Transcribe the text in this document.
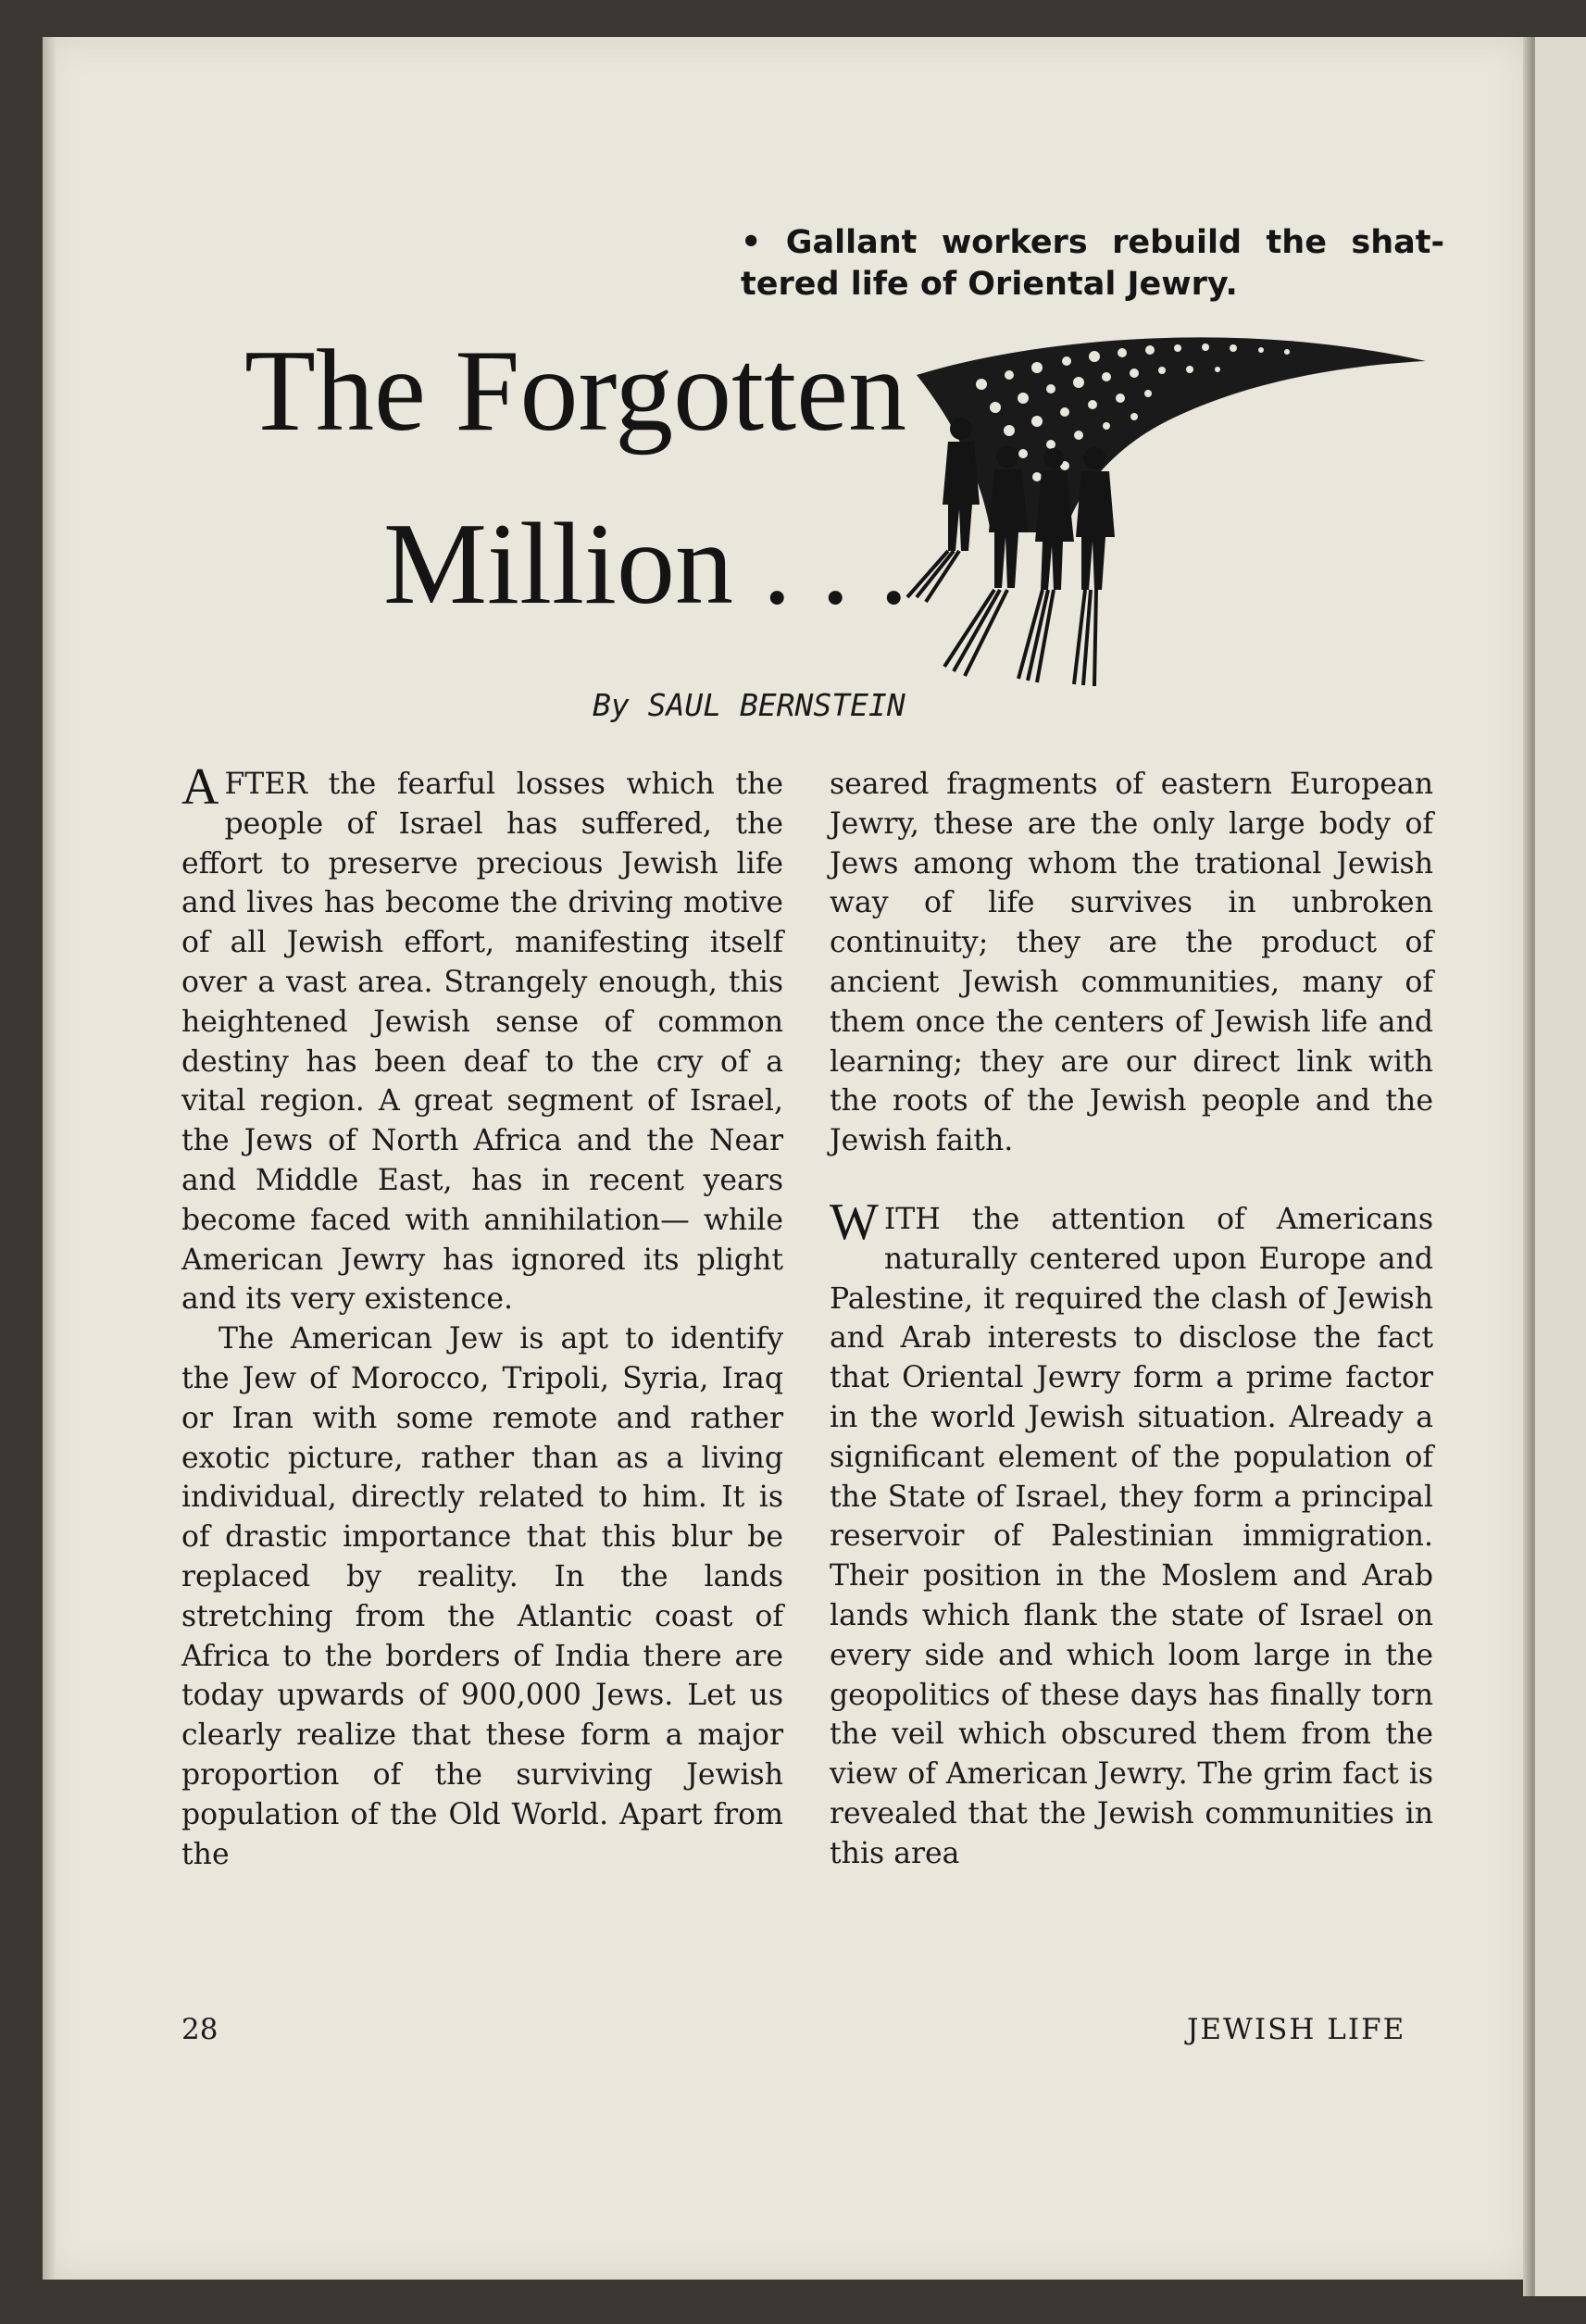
• Gallant workers rebuild the shattered life of Oriental Jewry.
The Forgotten
Million . . .
By SAUL BERNSTEIN

AFTER the fearful losses which the people of Israel has suffered, the effort to preserve precious Jewish life and lives has become the driving motive of all Jewish effort, manifesting itself over a vast area. Strangely enough, this heightened Jewish sense of common destiny has been deaf to the cry of a vital region. A great segment of Israel, the Jews of North Africa and the Near and Middle East, has in recent years become faced with annihilation— while American Jewry has ignored its plight and its very existence.

The American Jew is apt to identify the Jew of Morocco, Tripoli, Syria, Iraq or Iran with some remote and rather exotic picture, rather than as a living individual, directly related to him. It is of drastic importance that this blur be replaced by reality. In the lands stretching from the Atlantic coast of Africa to the borders of India there are today upwards of 900,000 Jews. Let us clearly realize that these form a major proportion of the surviving Jewish population of the Old World. Apart from the

seared fragments of eastern European Jewry, these are the only large body of Jews among whom the trational Jewish way of life survives in unbroken continuity; they are the product of ancient Jewish communities, many of them once the centers of Jewish life and learning; they are our direct link with the roots of the Jewish people and the Jewish faith.

WITH the attention of Americans naturally centered upon Europe and Palestine, it required the clash of Jewish and Arab interests to disclose the fact that Oriental Jewry form a prime factor in the world Jewish situation. Already a significant element of the population of the State of Israel, they form a principal reservoir of Palestinian immigration. Their position in the Moslem and Arab lands which flank the state of Israel on every side and which loom large in the geopolitics of these days has finally torn the veil which obscured them from the view of American Jewry. The grim fact is revealed that the Jewish communities in this area

28	JEWISH LIFE
